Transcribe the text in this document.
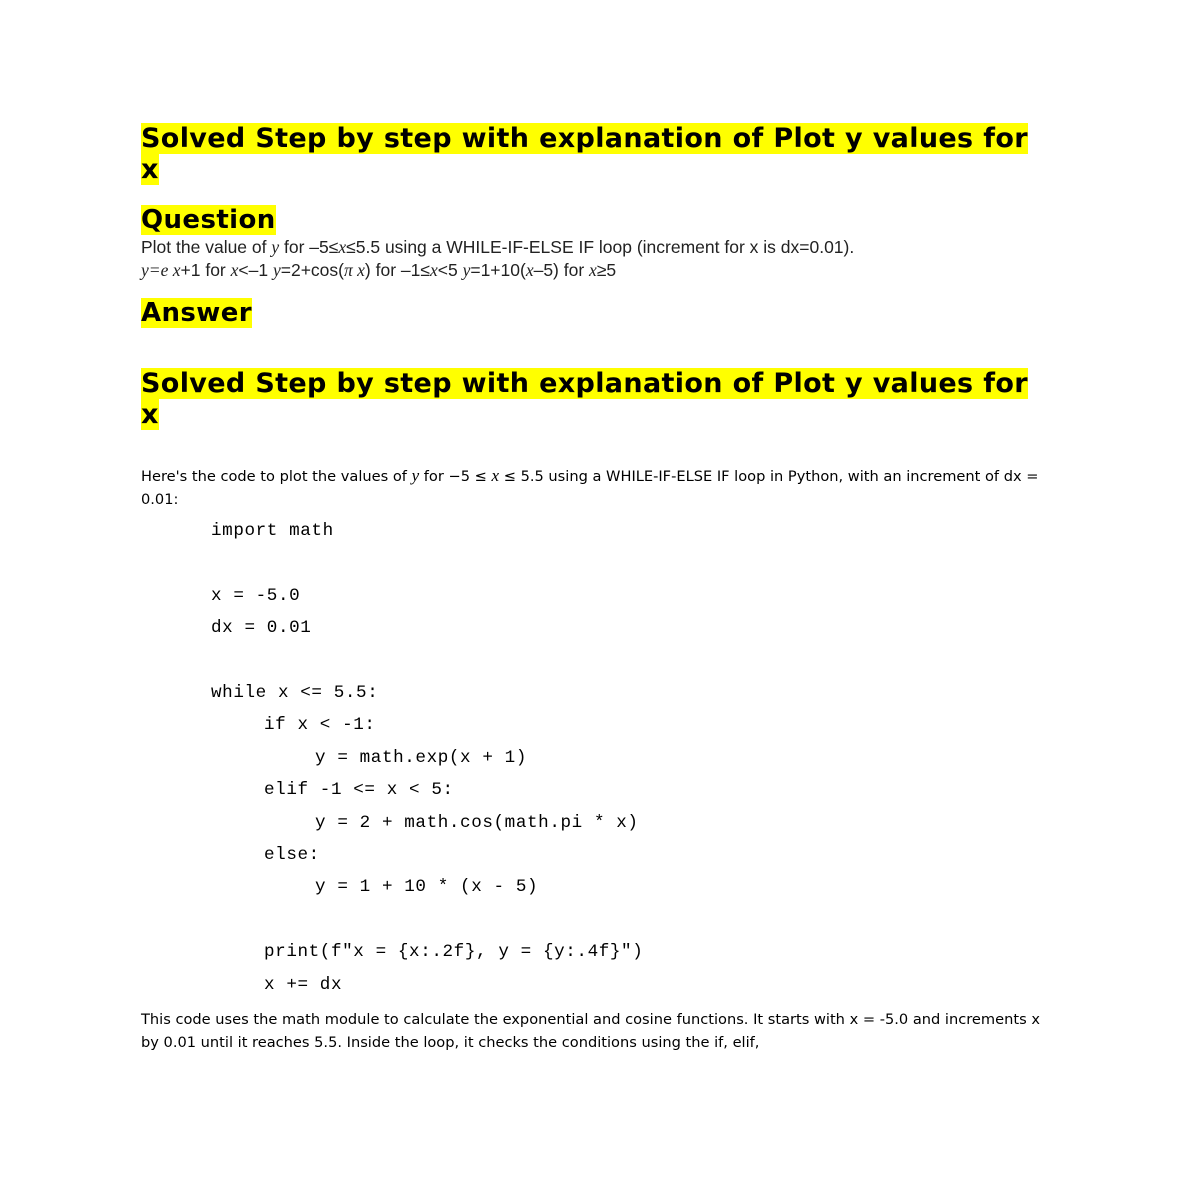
Solved Step by step with explanation of Plot y values for x
Question

Plot the value of y for –5≤x≤5.5 using a WHILE-IF-ELSE IF loop (increment for x is dx=0.01).
y=e x+1 for x<–1 y=2+cos(π x) for –1≤x<5 y=1+10(x–5) for x≥5

Answer
Solved Step by step with explanation of Plot y values for x

Here's the code to plot the values of y for −5 ≤ x ≤ 5.5 using a WHILE-IF-ELSE IF loop in Python, with an increment of dx = 0.01:

import math
x = -5.0
dx = 0.01
while x <= 5.5:
if x < -1:
y = math.exp(x + 1)
elif -1 <= x < 5:
y = 2 + math.cos(math.pi * x)
else:
y = 1 + 10 * (x - 5)
print(f"x = {x:.2f}, y = {y:.4f}")
x += dx

This code uses the math module to calculate the exponential and cosine functions. It starts with x = -5.0 and increments x by 0.01 until it reaches 5.5. Inside the loop, it checks the conditions using the if, elif,
